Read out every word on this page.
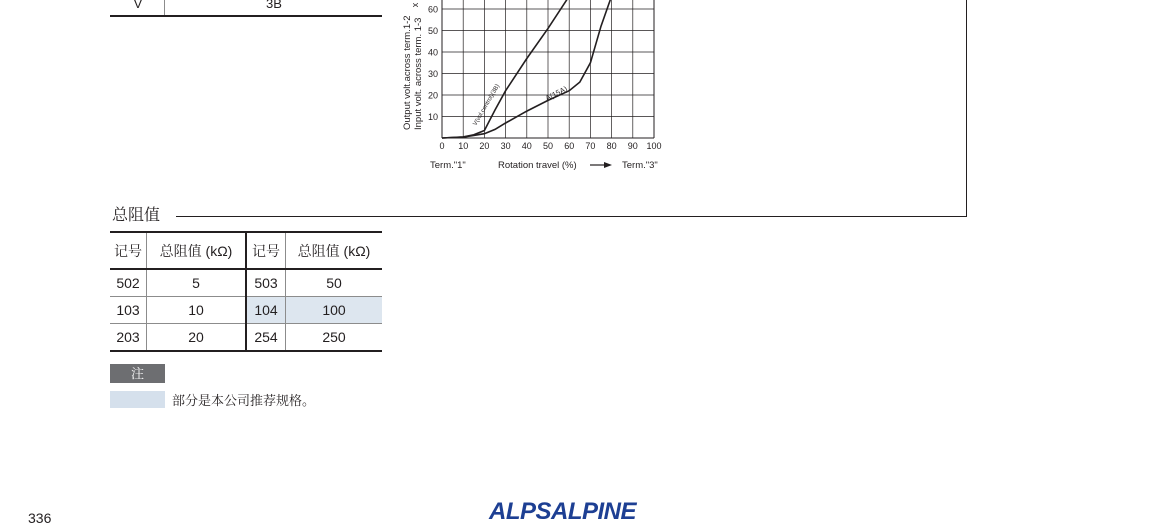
V	3B
10
20
30
40
50
60
0 10 20 30 40 50 60 70 80 90 100
Output volt.across term.1-2 Input volt. across term. 1-3
x
V(vol.control)(3B)	A(15A)
Term."1"	Rotation travel (%)	Term."3"
总阻值
记号	总阻值 (kΩ)	记号	总阻值 (kΩ)
502	5	503	50
103	10	104	100
203	20	254	250
注
部分是本公司推荐规格。
336	ALPSALPINE
